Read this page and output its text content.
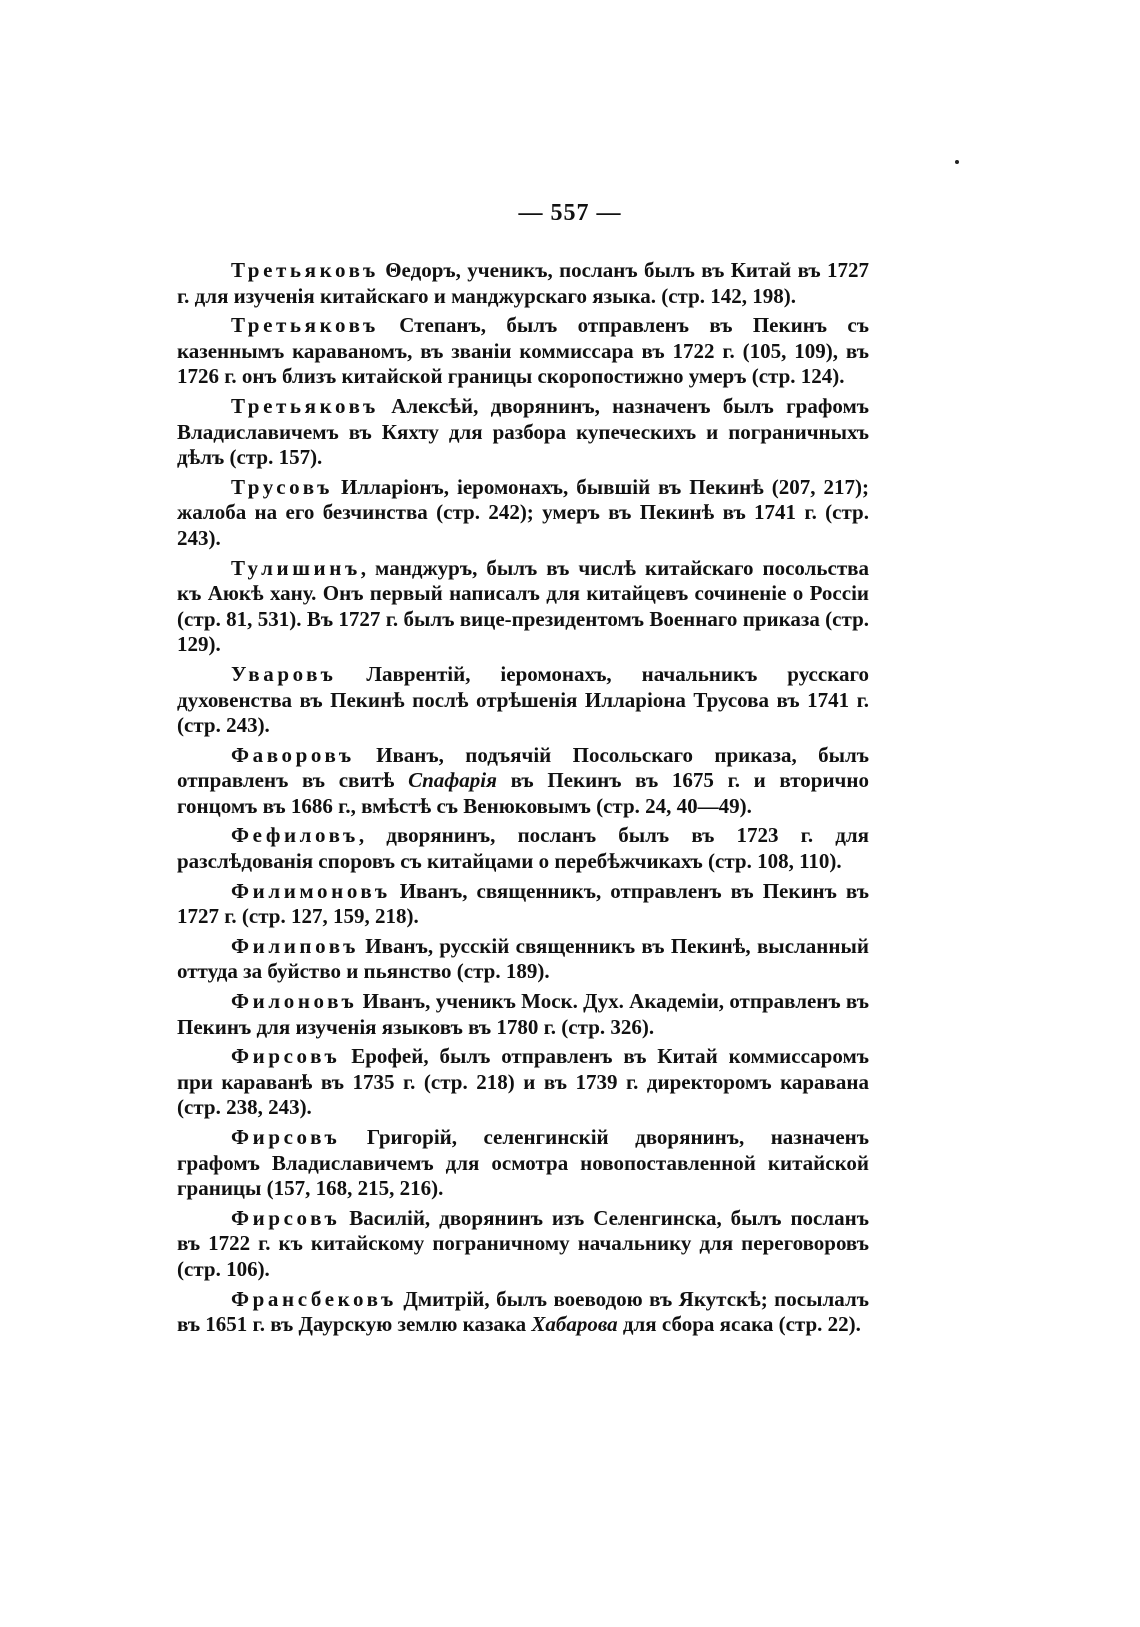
— 557 —

Третьяковъ Θедоръ, ученикъ, посланъ былъ въ Китай въ 1727 г. для изученія китайскаго и манджурскаго языка. (стр. 142, 198).

Третьяковъ Степанъ, былъ отправленъ въ Пекинъ съ казеннымъ караваномъ, въ званіи коммиссара въ 1722 г. (105, 109), въ 1726 г. онъ близъ китайской границы скоропостижно умеръ (стр. 124).

Третьяковъ Алексѣй, дворянинъ, назначенъ былъ графомъ Владиславичемъ въ Кяхту для разбора купеческихъ и пограничныхъ дѣлъ (стр. 157).

Трусовъ Илларіонъ, іеромонахъ, бывшій въ Пекинѣ (207, 217); жалоба на его безчинства (стр. 242); умеръ въ Пекинѣ въ 1741 г. (стр. 243).

Тулишинъ, манджуръ, былъ въ числѣ китайскаго посольства къ Аюкѣ хану. Онъ первый написалъ для китайцевъ сочиненіе о Россіи (стр. 81, 531). Въ 1727 г. былъ вице-президентомъ Военнаго приказа (стр. 129).

Уваровъ Лаврентій, іеромонахъ, начальникъ русскаго духовенства въ Пекинѣ послѣ отрѣшенія Илларіона Трусова въ 1741 г. (стр. 243).

Фаворовъ Иванъ, подъячій Посольскаго приказа, былъ отправленъ въ свитѣ Спафарія въ Пекинъ въ 1675 г. и вторично гонцомъ въ 1686 г., вмѣстѣ съ Венюковымъ (стр. 24, 40—49).

Фефиловъ, дворянинъ, посланъ былъ въ 1723 г. для разслѣдованія споровъ съ китайцами о перебѣжчикахъ (стр. 108, 110).

Филимоновъ Иванъ, священникъ, отправленъ въ Пекинъ въ 1727 г. (стр. 127, 159, 218).

Филиповъ Иванъ, русскій священникъ въ Пекинѣ, высланный оттуда за буйство и пьянство (стр. 189).

Филоновъ Иванъ, ученикъ Моск. Дух. Академіи, отправленъ въ Пекинъ для изученія языковъ въ 1780 г. (стр. 326).

Фирсовъ Ерофей, былъ отправленъ въ Китай коммиссаромъ при караванѣ въ 1735 г. (стр. 218) и въ 1739 г. директоромъ каравана (стр. 238, 243).

Фирсовъ Григорій, селенгинскій дворянинъ, назначенъ графомъ Владиславичемъ для осмотра новопоставленной китайской границы (157, 168, 215, 216).

Фирсовъ Василій, дворянинъ изъ Селенгинска, былъ посланъ въ 1722 г. къ китайскому пограничному начальнику для переговоровъ (стр. 106).

Франсбековъ Дмитрій, былъ воеводою въ Якутскѣ; посылалъ въ 1651 г. въ Даурскую землю казака Хабарова для сбора ясака (стр. 22).
